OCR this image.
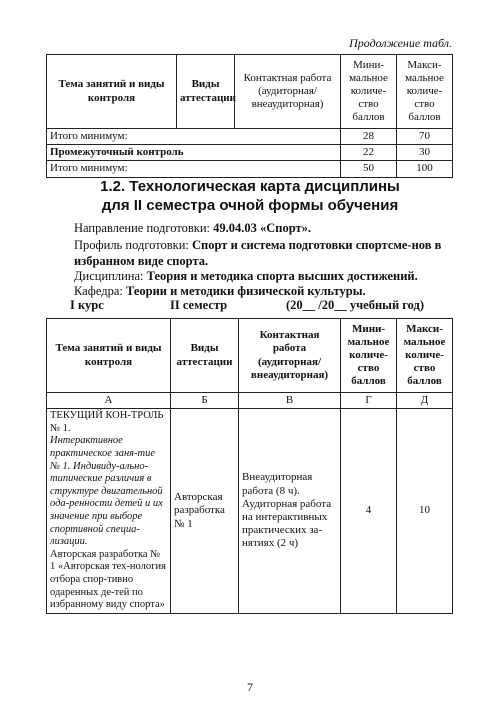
Продолжение табл.
Тема занятий и виды контроля	Виды аттестации	Контактная работа (аудиторная/ внеаудиторная)	Мини-мальное количе-ство баллов	Макси-мальное количе-ство баллов
Итого минимум:			28	70
Промежуточный контроль			22	30
Итого минимум:			50	100
1.2. Технологическая карта дисциплины
для II семестра очной формы обучения
Направление подготовки: 49.04.03 «Спорт».
Профиль подготовки: Спорт и система подготовки спортсме-нов в избранном виде спорта.
Дисциплина: Теория и методика спорта высших достижений.
Кафедра: Теории и методики физической культуры.
I курс	II семестр	(20__ /20__ учебный год)
Тема занятий и виды контроля	Виды аттестации	Контактная работа (аудиторная/ внеаудиторная)	Мини-мальное количе-ство баллов	Макси-мальное количе-ство баллов
А	Б	В	Г	Д

ТЕКУЩИЙ КОН-ТРОЛЬ № 1.
Интерактивное практическое заня-тие № 1. Индивиду-ально-типические различия в структуре двигательной ода-ренности детей и их значение при выборе спортивной специа-лизации.
Авторская разработка № 1 «Авторская тех-нология отбора спор-тивно одаренных де-тей по избранному виду спорта»	Авторская разработка № 1	Внеаудиторная работа (8 ч). Аудиторная работа на интерактивных практических за-нятиях (2 ч)	4	10
7
